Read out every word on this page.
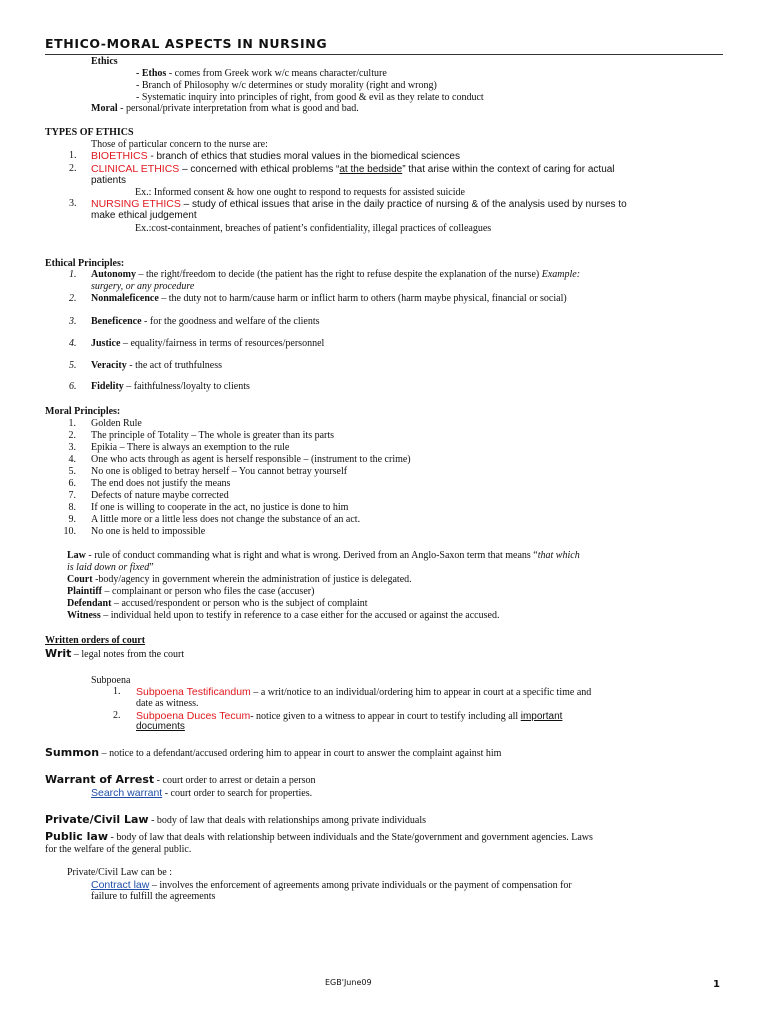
ETHICO-MORAL ASPECTS IN NURSING
Ethics
- Ethos - comes from Greek work w/c means character/culture
- Branch of Philosophy w/c determines or study morality (right and wrong)
- Systematic inquiry into principles of right, from good & evil as they relate to conduct
Moral - personal/private interpretation from what is good and bad.
TYPES OF ETHICS
Those of particular concern to the nurse are:
1. BIOETHICS - branch of ethics that studies moral values in the biomedical sciences
2. CLINICAL ETHICS – concerned with ethical problems “at the bedside” that arise within the context of caring for actual
patients
Ex.: Informed consent & how one ought to respond to requests for assisted suicide
3. NURSING ETHICS – study of ethical issues that arise in the daily practice of nursing & of the analysis used by nurses to
make ethical judgement
Ex.:cost-containment, breaches of patient’s confidentiality, illegal practices of colleagues
Ethical Principles:
1. Autonomy – the right/freedom to decide (the patient has the right to refuse despite the explanation of the nurse) Example:
surgery, or any procedure
2. Nonmaleficence – the duty not to harm/cause harm or inflict harm to others (harm maybe physical, financial or social)
3. Beneficence - for the goodness and welfare of the clients
4. Justice – equality/fairness in terms of resources/personnel
5. Veracity - the act of truthfulness
6. Fidelity – faithfulness/loyalty to clients
Moral Principles:
1. Golden Rule
2. The principle of Totality – The whole is greater than its parts
3. Epikia – There is always an exemption to the rule
4. One who acts through as agent is herself responsible – (instrument to the crime)
5. No one is obliged to betray herself – You cannot betray yourself
6. The end does not justify the means
7. Defects of nature maybe corrected
8. If one is willing to cooperate in the act, no justice is done to him
9. A little more or a little less does not change the substance of an act.
10. No one is held to impossible
Law - rule of conduct commanding what is right and what is wrong. Derived from an Anglo-Saxon term that means “that which
is laid down or fixed”
Court -body/agency in government wherein the administration of justice is delegated.
Plaintiff – complainant or person who files the case (accuser)
Defendant – accused/respondent or person who is the subject of complaint
Witness – individual held upon to testify in reference to a case either for the accused or against the accused.
Written orders of court
Writ – legal notes from the court
Subpoena
1. Subpoena Testificandum – a writ/notice to an individual/ordering him to appear in court at a specific time and
date as witness.
2. Subpoena Duces Tecum- notice given to a witness to appear in court to testify including all important
documents
Summon – notice to a defendant/accused ordering him to appear in court to answer the complaint against him
Warrant of Arrest - court order to arrest or detain a person
Search warrant - court order to search for properties.
Private/Civil Law - body of law that deals with relationships among private individuals
Public law - body of law that deals with relationship between individuals and the State/government and government agencies. Laws
for the welfare of the general public.
Private/Civil Law can be :
Contract law – involves the enforcement of agreements among private individuals or the payment of compensation for
failure to fulfill the agreements
EGB'June09	1
